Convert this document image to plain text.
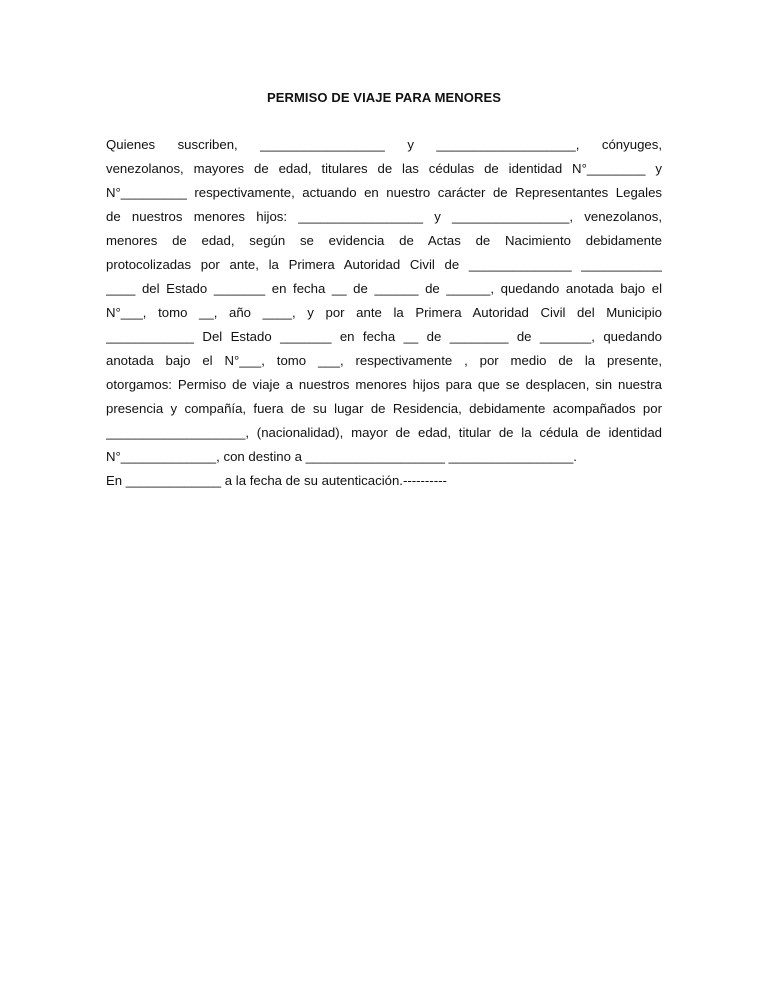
PERMISO DE VIAJE PARA MENORES
Quienes suscriben, _________________ y ___________________, cónyuges,
venezolanos, mayores de edad, titulares de las cédulas de identidad N°________ y
N°_________ respectivamente, actuando en nuestro carácter de Representantes Legales
de nuestros menores hijos: _________________ y ________________, venezolanos,
menores de edad, según se evidencia de Actas de Nacimiento debidamente
protocolizadas por ante, la Primera Autoridad Civil de ______________ ___________
____ del Estado _______ en fecha __ de ______ de ______, quedando anotada bajo el
N°___, tomo __, año ____, y por ante la Primera Autoridad Civil del Municipio
____________ Del Estado _______ en fecha __ de ________ de _______, quedando
anotada bajo el N°___, tomo ___, respectivamente , por medio de la presente,
otorgamos: Permiso de viaje a nuestros menores hijos para que se desplacen, sin nuestra
presencia y compañía, fuera de su lugar de Residencia, debidamente acompañados por
___________________, (nacionalidad), mayor de edad, titular de la cédula de identidad
N°_____________, con destino a ___________________ _________________.
En _____________ a la fecha de su autenticación.----------
